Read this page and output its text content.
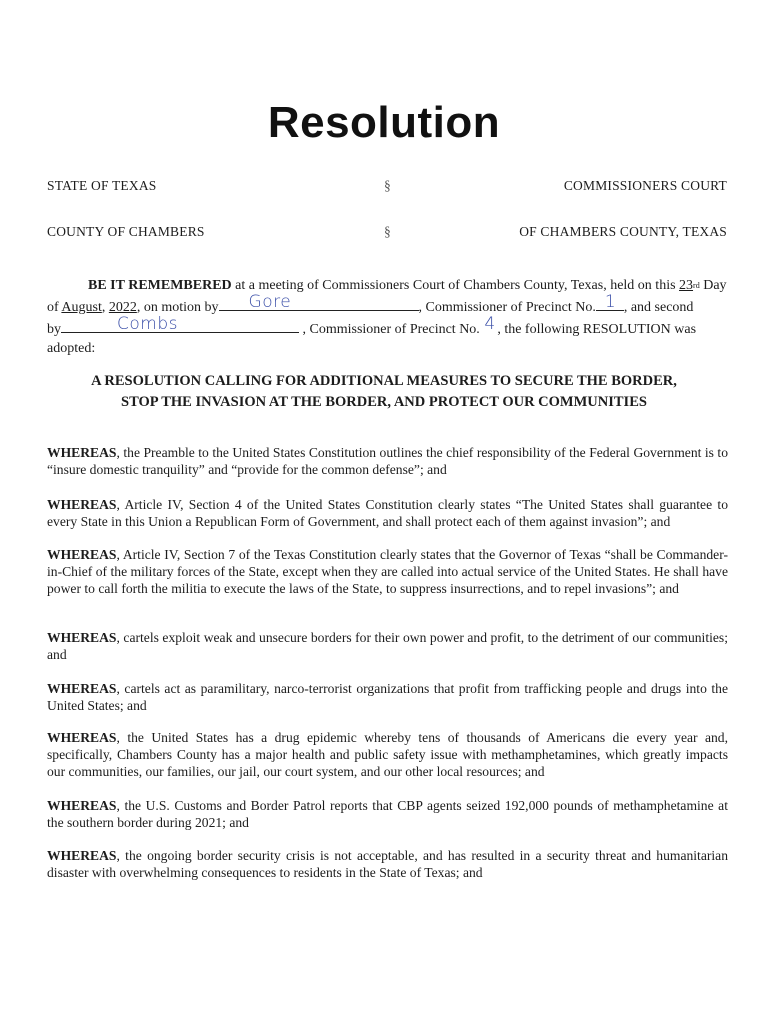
Resolution
STATE OF TEXAS	§	COMMISSIONERS COURT
COUNTY OF CHAMBERS	§	OF CHAMBERS COUNTY, TEXAS
BE IT REMEMBERED at a meeting of Commissioners Court of Chambers County, Texas, held on this 23rd Day
of August, 2022, on motion by Gore	, Commissioner of Precinct No. 1 , and second
by	Combs	, Commissioner of Precinct No. 4 , the following RESOLUTION was
adopted:
A RESOLUTION CALLING FOR ADDITIONAL MEASURES TO SECURE THE BORDER,
STOP THE INVASION AT THE BORDER, AND PROTECT OUR COMMUNITIES
WHEREAS, the Preamble to the United States Constitution outlines the chief responsibility of the Federal Government is to “insure domestic tranquility” and “provide for the common defense”; and
WHEREAS, Article IV, Section 4 of the United States Constitution clearly states “The United States shall guarantee to every State in this Union a Republican Form of Government, and shall protect each of them against invasion”; and
WHEREAS, Article IV, Section 7 of the Texas Constitution clearly states that the Governor of Texas “shall be Commander-in-Chief of the military forces of the State, except when they are called into actual service of the United States. He shall have power to call forth the militia to execute the laws of the State, to suppress insurrections, and to repel invasions”; and
WHEREAS, cartels exploit weak and unsecure borders for their own power and profit, to the detriment of our communities; and
WHEREAS, cartels act as paramilitary, narco-terrorist organizations that profit from trafficking people and drugs into the United States; and
WHEREAS, the United States has a drug epidemic whereby tens of thousands of Americans die every year and, specifically, Chambers County has a major health and public safety issue with methamphetamines, which greatly impacts our communities, our families, our jail, our court system, and our other local resources; and
WHEREAS, the U.S. Customs and Border Patrol reports that CBP agents seized 192,000 pounds of methamphetamine at the southern border during 2021; and
WHEREAS, the ongoing border security crisis is not acceptable, and has resulted in a security threat and humanitarian disaster with overwhelming consequences to residents in the State of Texas; and
